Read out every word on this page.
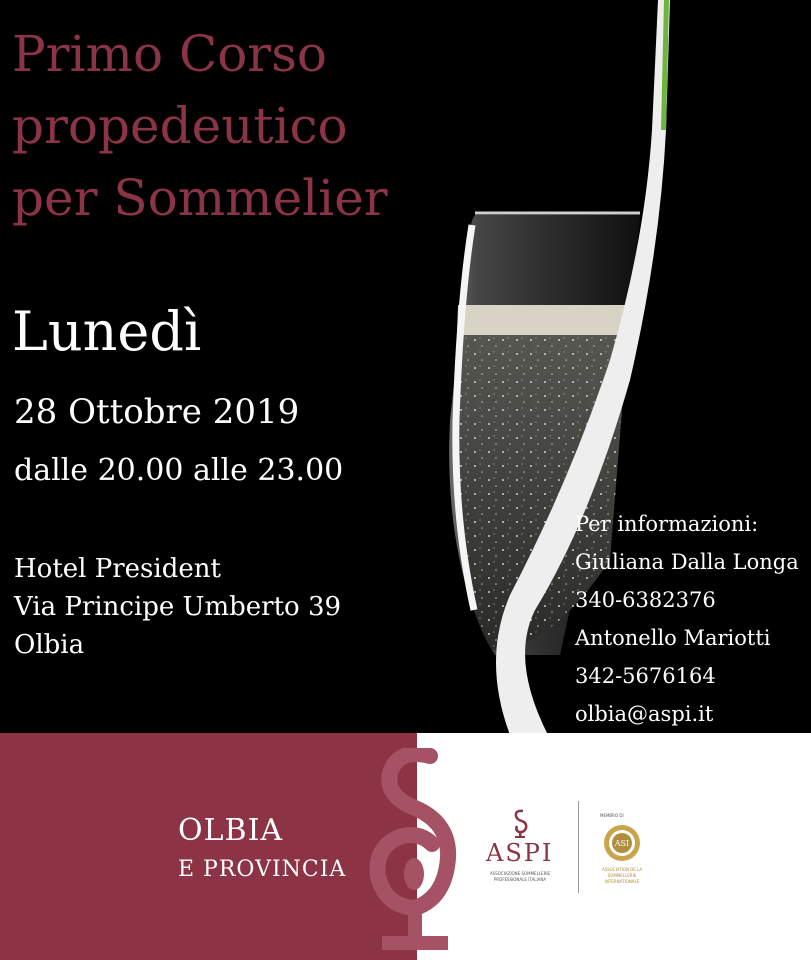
Primo Corso
propedeutico
per Sommelier
Lunedì
28 Ottobre 2019
dalle 20.00 alle 23.00
Hotel President
Via Principe Umberto 39
Olbia
Per informazioni:
Giuliana Dalla Longa
340-6382376
Antonello Mariotti
342-5676164
olbia@aspi.it
OLBIA
E PROVINCIA
ASPI
ASSOCIAZIONE SOMMELLERIE PROFESSIONALE ITALIANA
MEMBRO DI
ASI
ASSOCIATION DE LA SOMMELLERIE INTERNATIONALE
